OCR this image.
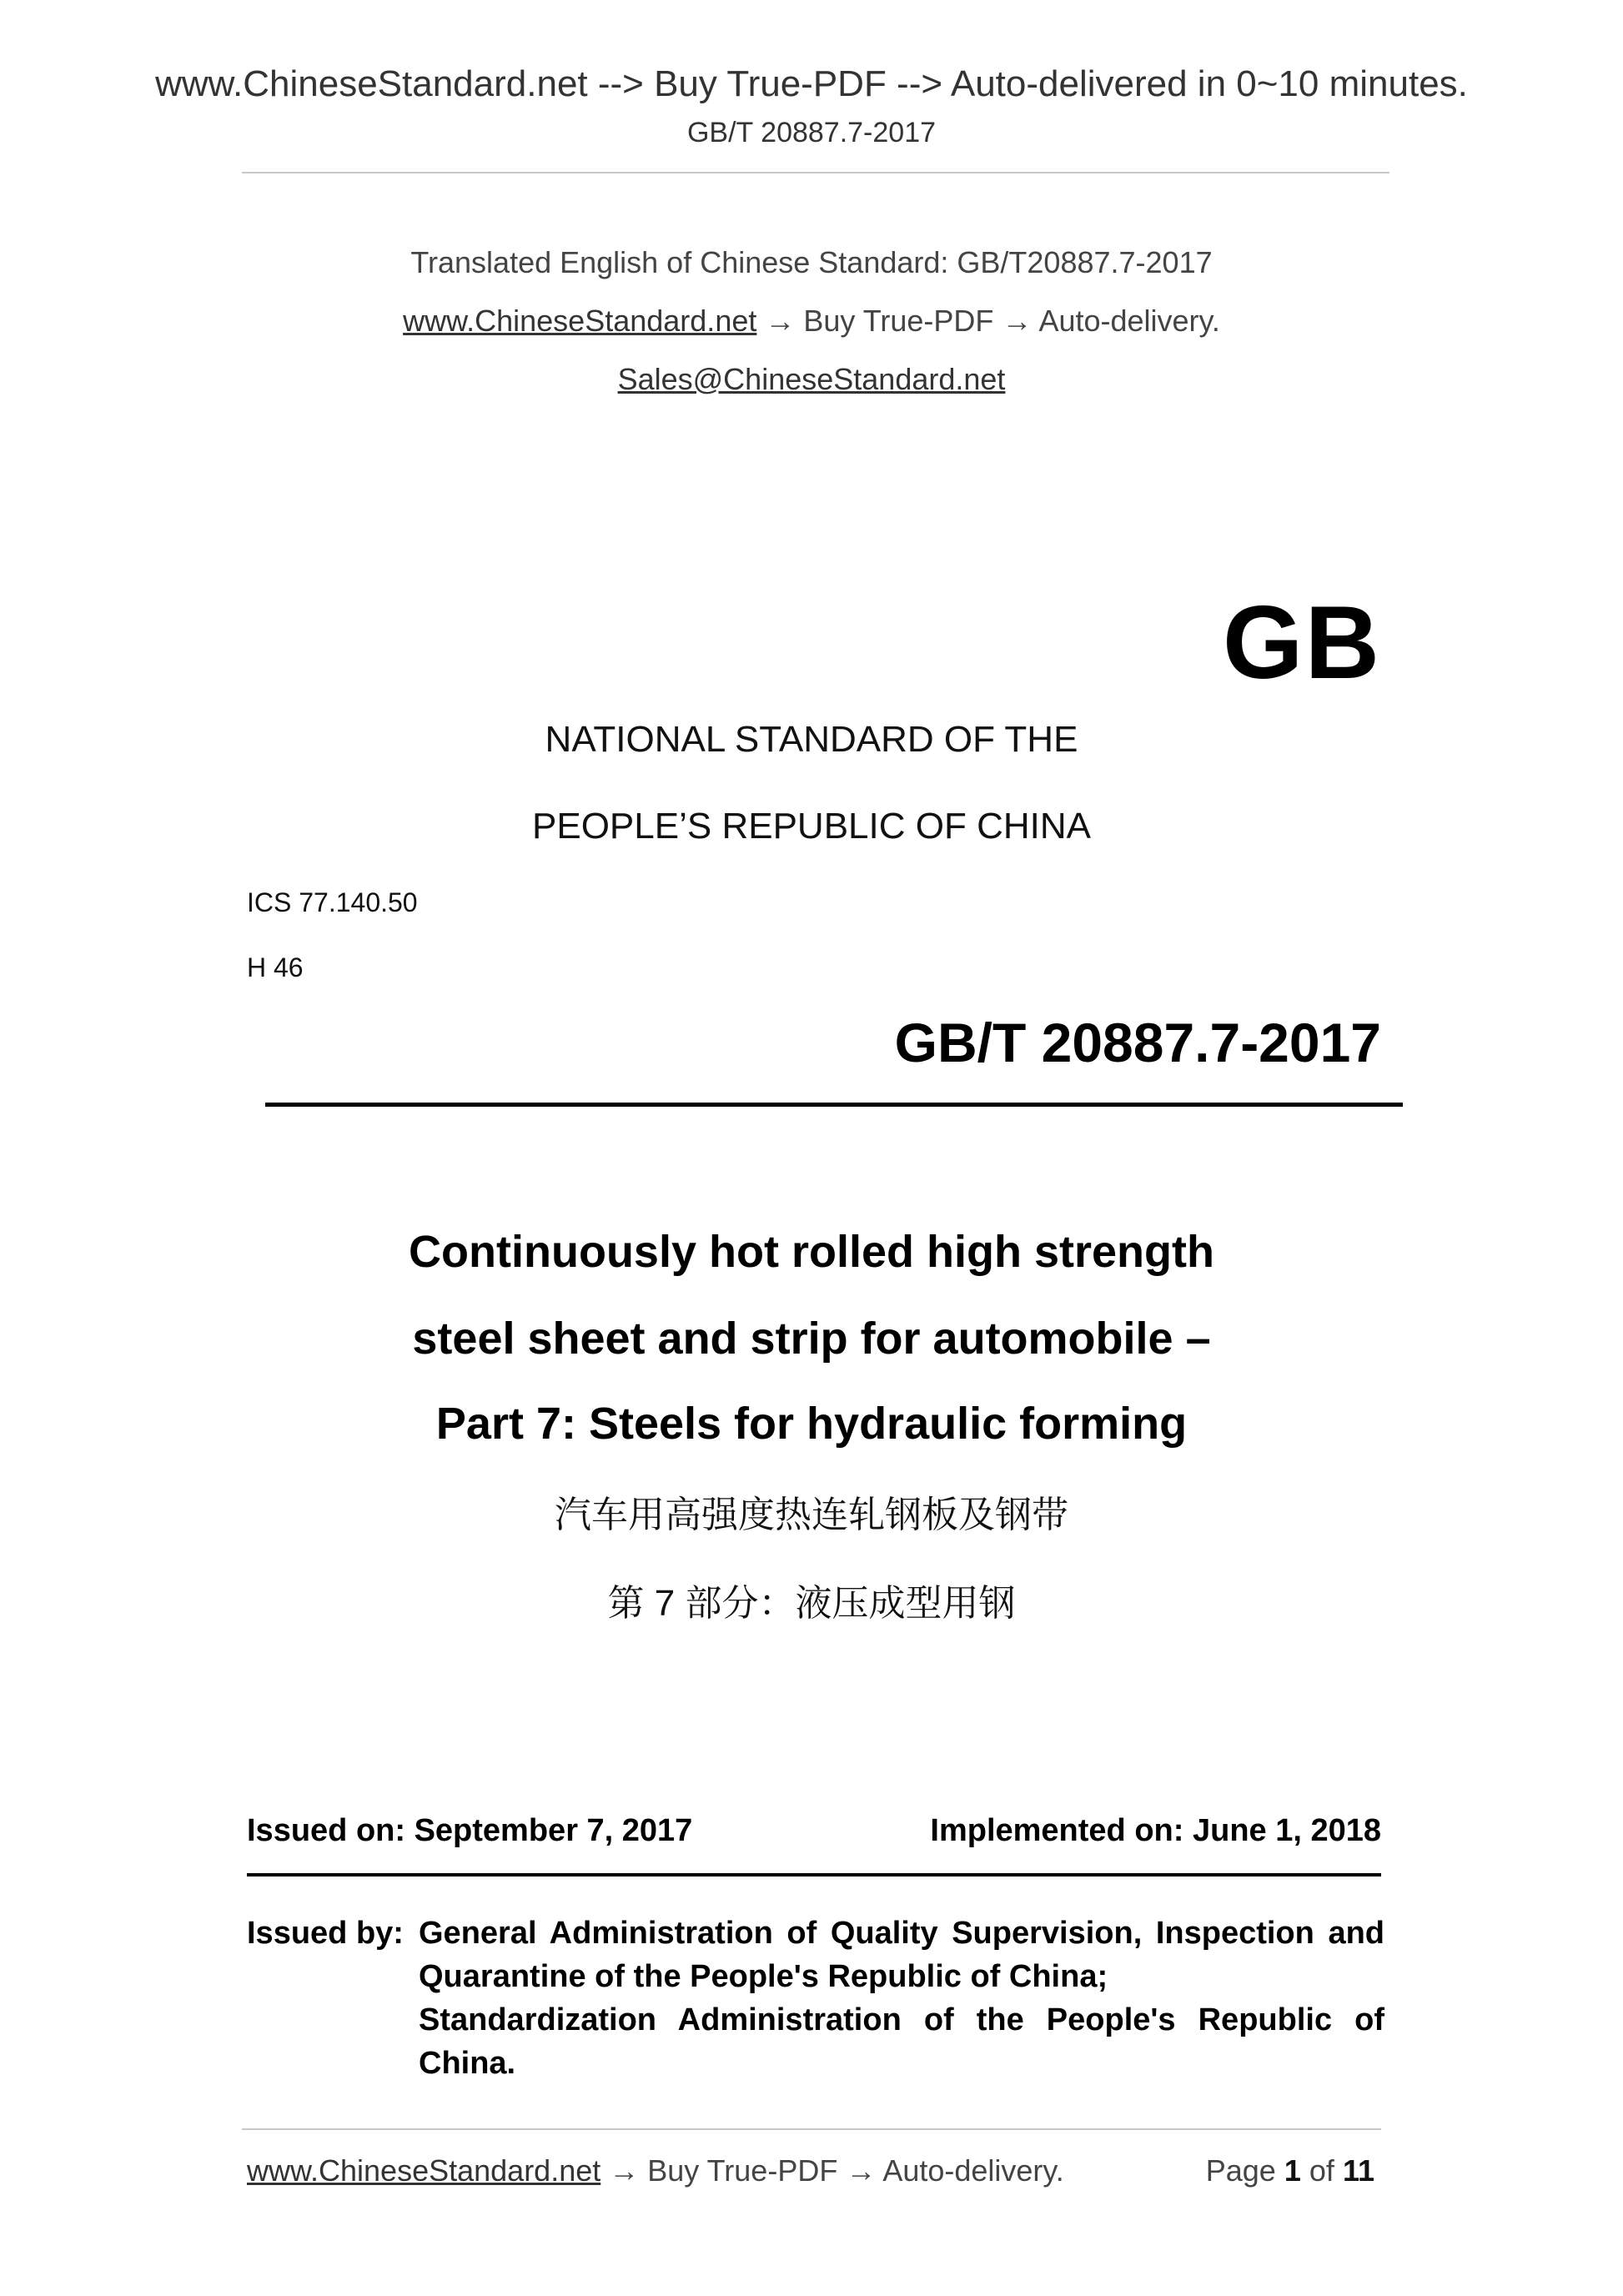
www.ChineseStandard.net --> Buy True-PDF --> Auto-delivered in 0~10 minutes.
GB/T 20887.7-2017
Translated English of Chinese Standard: GB/T20887.7-2017
www.ChineseStandard.net → Buy True-PDF → Auto-delivery.
Sales@ChineseStandard.net
GB
NATIONAL STANDARD OF THE
PEOPLE’S REPUBLIC OF CHINA
ICS 77.140.50
H 46
GB/T 20887.7-2017
Continuously hot rolled high strength
steel sheet and strip for automobile –
Part 7: Steels for hydraulic forming
汽车用高强度热连轧钢板及钢带
第 7 部分：液压成型用钢
Issued on: September 7, 2017	Implemented on: June 1, 2018
Issued by: General Administration of Quality Supervision, Inspection and
Quarantine of the People's Republic of China;
Standardization Administration of the People's Republic of
China.
www.ChineseStandard.net → Buy True-PDF → Auto-delivery.	Page 1 of 11
